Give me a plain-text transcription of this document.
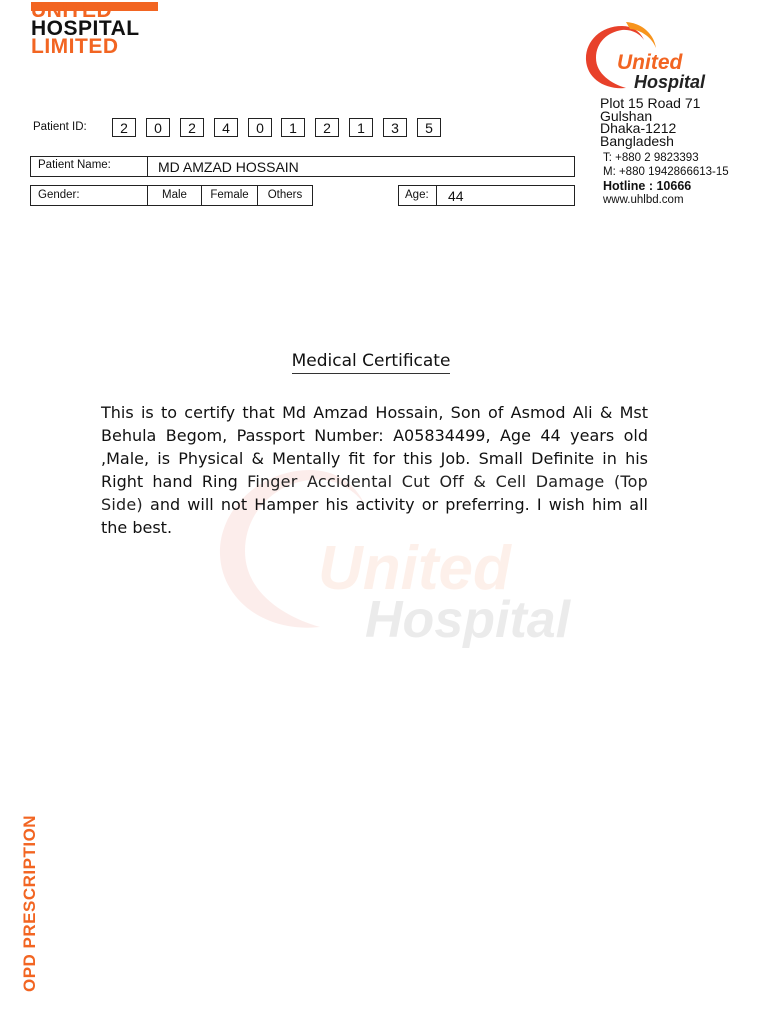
UNITED
HOSPITAL
LIMITED
United
Hospital
Plot 15 Road 71
Gulshan
Dhaka-1212
Bangladesh
T: +880 2 9823393
M: +880 1942866613-15
Hotline : 10666
www.uhlbd.com
Patient ID:	2	0	2	4	0	1	2	1	3	5
Patient Name:	MD AMZAD HOSSAIN
Gender:	Male	Female	Others	Age: 44
United
Hospital
Medical Certificate
This is to certify that Md Amzad Hossain, Son of Asmod Ali & Mst Behula Begom, Passport Number: A05834499, Age 44 years old ,Male, is Physical & Mentally fit for this Job. Small Definite in his Right hand Ring Finger Accidental Cut Off & Cell Damage (Top Side) and will not Hamper his activity or preferring. I wish him all the best.
OPD PRESCRIPTION
